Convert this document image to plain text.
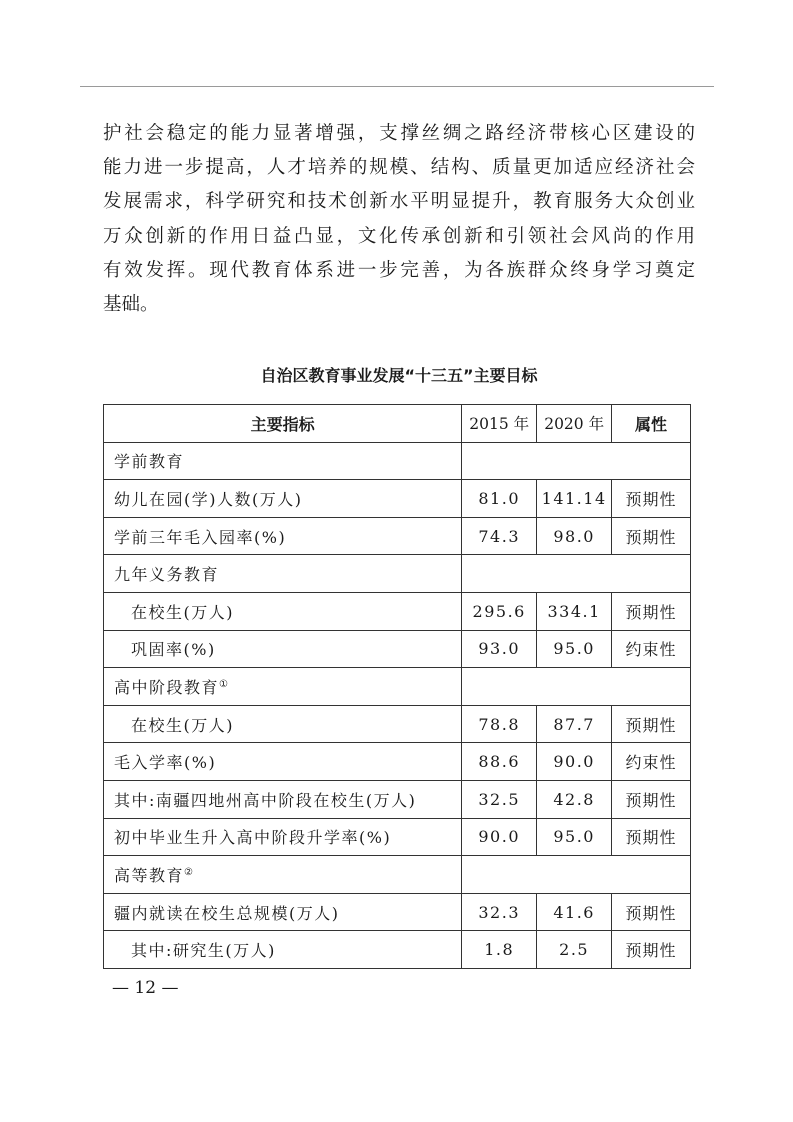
护社会稳定的能力显著增强，支撑丝绸之路经济带核心区建设的
能力进一步提高，人才培养的规模、结构、质量更加适应经济社会
发展需求，科学研究和技术创新水平明显提升，教育服务大众创业
万众创新的作用日益凸显，文化传承创新和引领社会风尚的作用
有效发挥。现代教育体系进一步完善，为各族群众终身学习奠定
基础。
自治区教育事业发展“十三五”主要目标
主要指标	2015 年	2020 年	属性
学前教育			
幼儿在园(学)人数(万人)	81.0	141.14	预期性
学前三年毛入园率(%)	74.3	98.0	预期性
九年义务教育			
在校生(万人)	295.6	334.1	预期性
巩固率(%)	93.0	95.0	约束性
高中阶段教育①	
在校生(万人)	78.8	87.7	预期性
毛入学率(%)	88.6	90.0	约束性
其中:南疆四地州高中阶段在校生(万人)	32.5	42.8	预期性
初中毕业生升入高中阶段升学率(%)	90.0	95.0	预期性
高等教育②	
疆内就读在校生总规模(万人)	32.3	41.6	预期性
其中:研究生(万人)	1.8	2.5	预期性
— 12 —
